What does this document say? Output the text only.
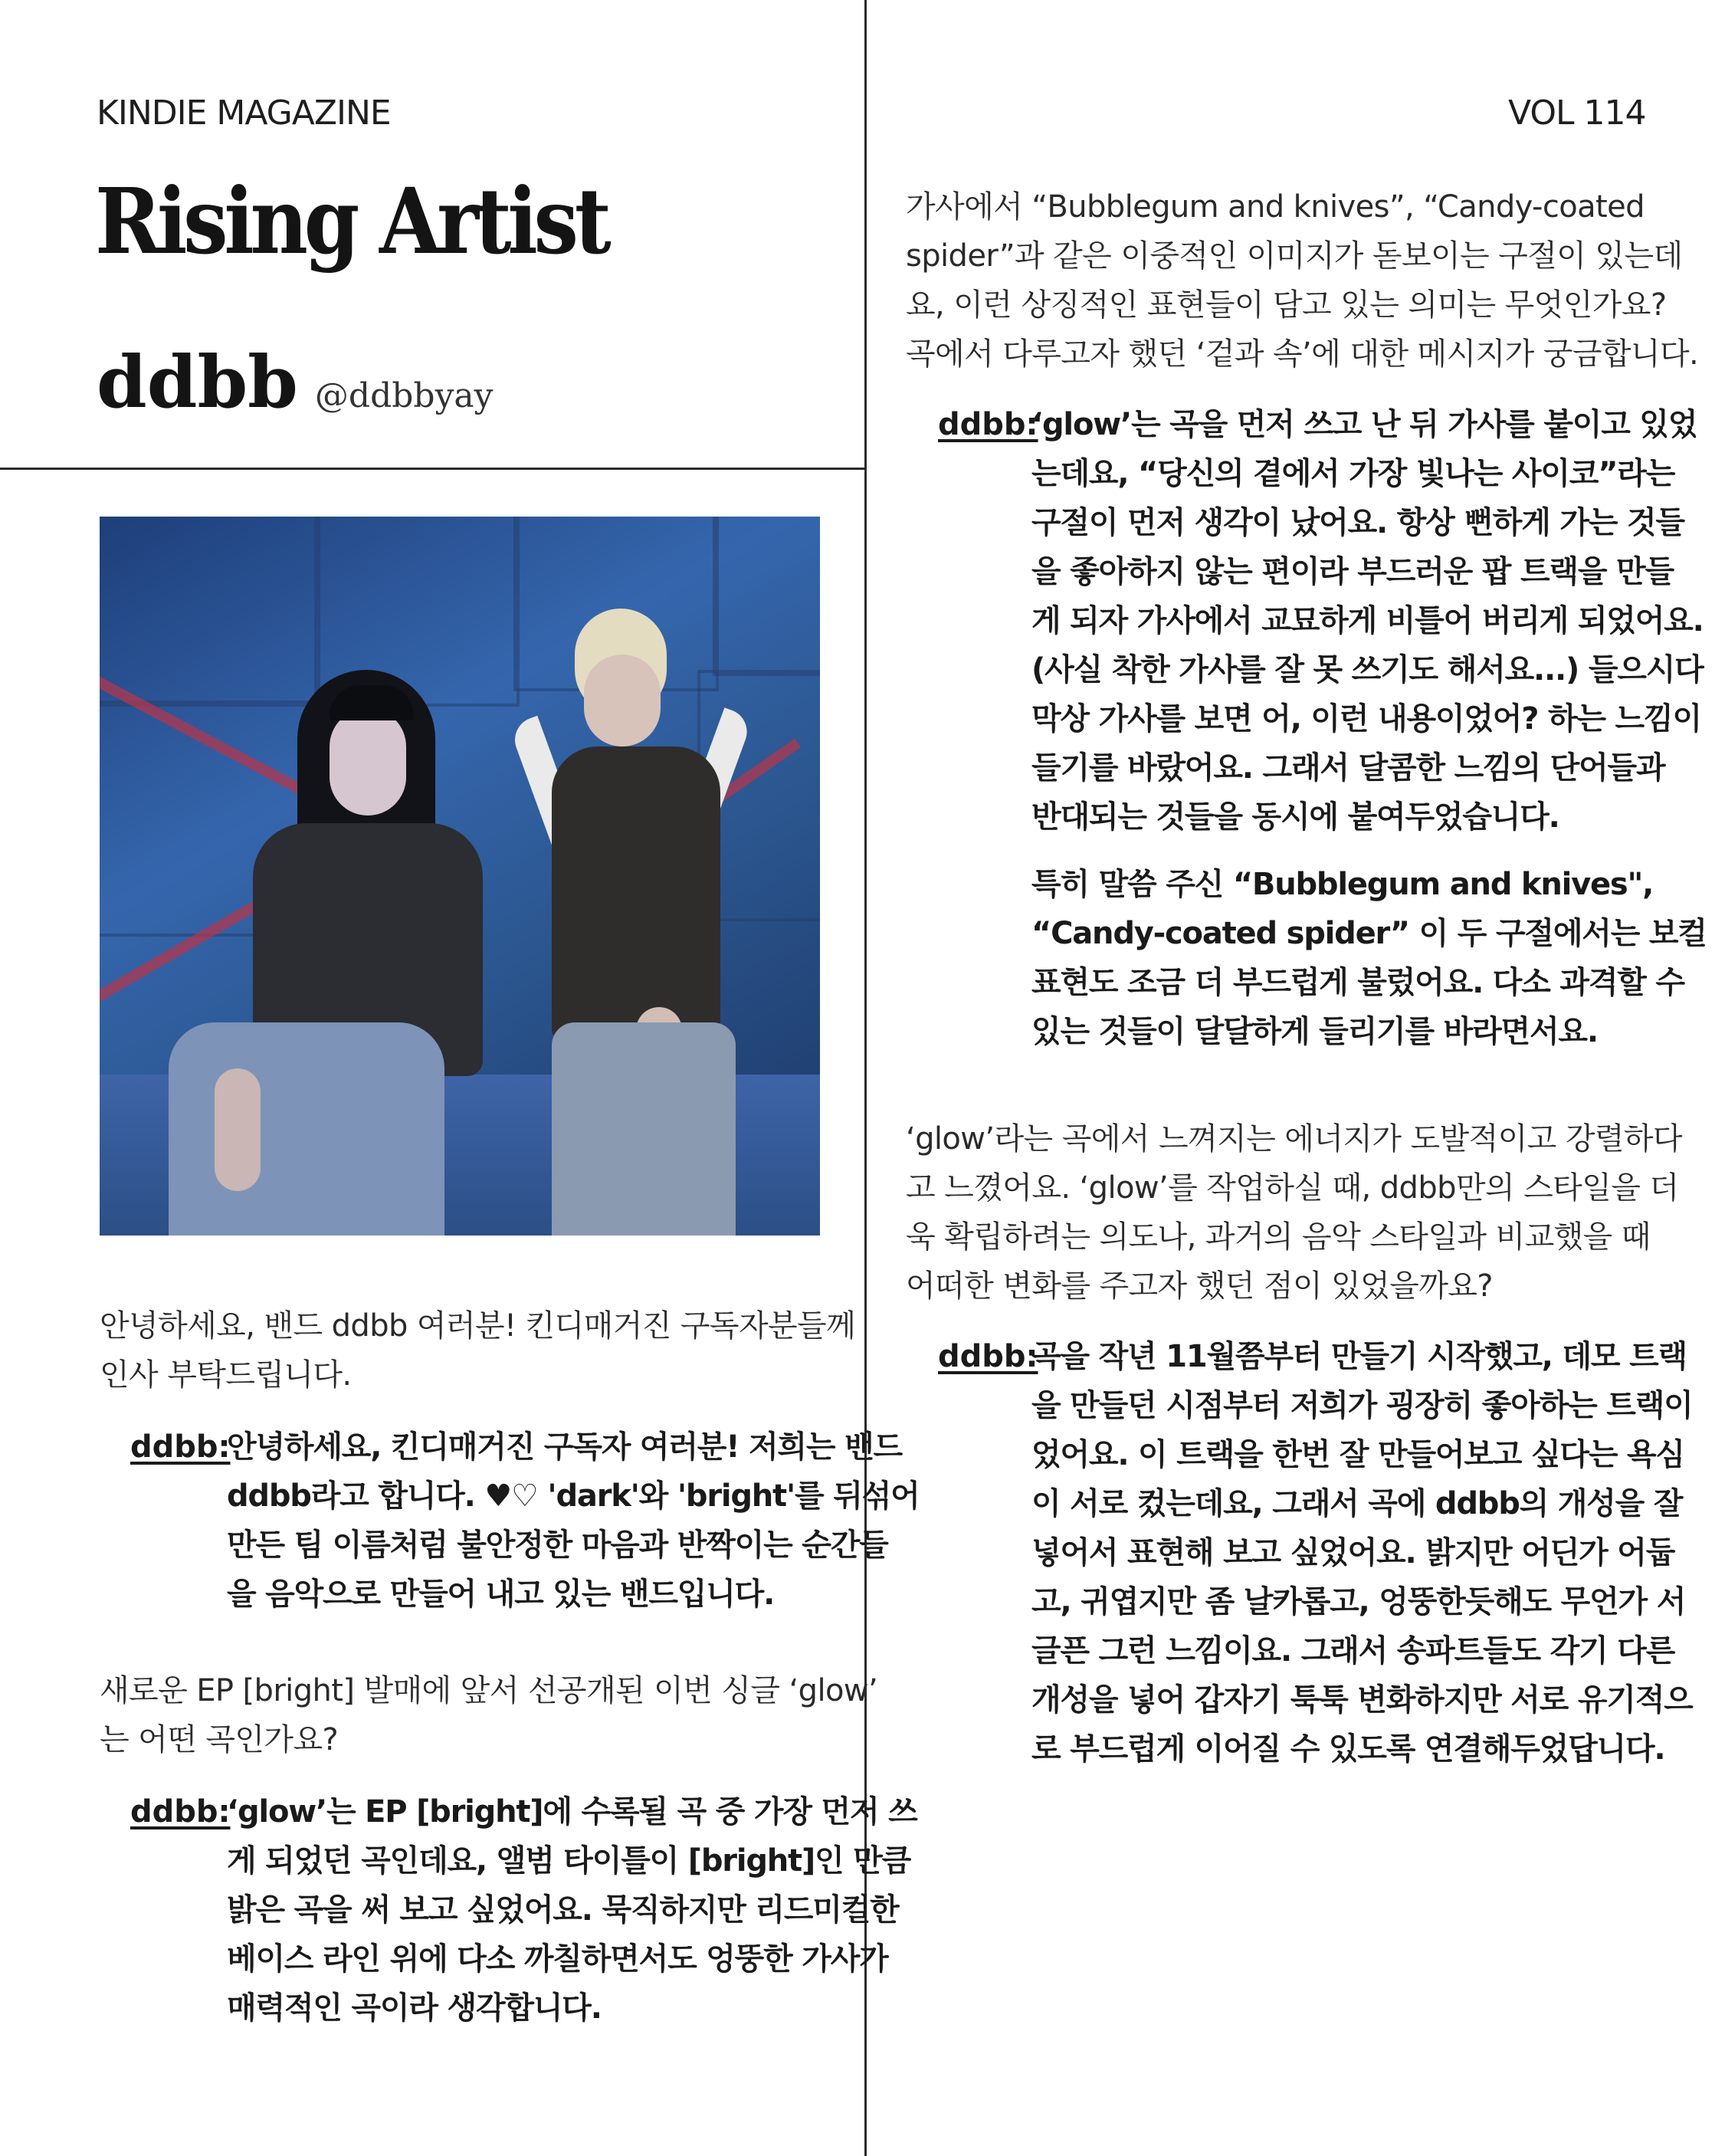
KINDIE MAGAZINE	VOL 114
Rising Artist
ddbb @ddbbyay
안녕하세요, 밴드 ddbb 여러분! 킨디매거진 구독자분들께
인사 부탁드립니다.
ddbb:
안녕하세요, 킨디매거진 구독자 여러분! 저희는 밴드
ddbb라고 합니다. ♥♡ 'dark'와 'bright'를 뒤섞어
만든 팀 이름처럼 불안정한 마음과 반짝이는 순간들
을 음악으로 만들어 내고 있는 밴드입니다.
새로운 EP [bright] 발매에 앞서 선공개된 이번 싱글 ‘glow’
는 어떤 곡인가요?
ddbb:
‘glow’는 EP [bright]에 수록될 곡 중 가장 먼저 쓰
게 되었던 곡인데요, 앨범 타이틀이 [bright]인 만큼
밝은 곡을 써 보고 싶었어요. 묵직하지만 리드미컬한
베이스 라인 위에 다소 까칠하면서도 엉뚱한 가사가
매력적인 곡이라 생각합니다.
가사에서 “Bubblegum and knives”, “Candy-coated
spider”과 같은 이중적인 이미지가 돋보이는 구절이 있는데
요, 이런 상징적인 표현들이 담고 있는 의미는 무엇인가요?
곡에서 다루고자 했던 ‘겉과 속’에 대한 메시지가 궁금합니다.
ddbb:
‘glow’는 곡을 먼저 쓰고 난 뒤 가사를 붙이고 있었
는데요, “당신의 곁에서 가장 빛나는 사이코”라는
구절이 먼저 생각이 났어요. 항상 뻔하게 가는 것들
을 좋아하지 않는 편이라 부드러운 팝 트랙을 만들
게 되자 가사에서 교묘하게 비틀어 버리게 되었어요.
(사실 착한 가사를 잘 못 쓰기도 해서요...) 들으시다
막상 가사를 보면 어, 이런 내용이었어? 하는 느낌이
들기를 바랐어요. 그래서 달콤한 느낌의 단어들과
반대되는 것들을 동시에 붙여두었습니다.
특히 말씀 주신 “Bubblegum and knives",
“Candy-coated spider” 이 두 구절에서는 보컬
표현도 조금 더 부드럽게 불렀어요. 다소 과격할 수
있는 것들이 달달하게 들리기를 바라면서요.
‘glow’라는 곡에서 느껴지는 에너지가 도발적이고 강렬하다
고 느꼈어요. ‘glow’를 작업하실 때, ddbb만의 스타일을 더
욱 확립하려는 의도나, 과거의 음악 스타일과 비교했을 때
어떠한 변화를 주고자 했던 점이 있었을까요?
ddbb:
곡을 작년 11월쯤부터 만들기 시작했고, 데모 트랙
을 만들던 시점부터 저희가 굉장히 좋아하는 트랙이
었어요. 이 트랙을 한번 잘 만들어보고 싶다는 욕심
이 서로 컸는데요, 그래서 곡에 ddbb의 개성을 잘
넣어서 표현해 보고 싶었어요. 밝지만 어딘가 어둡
고, 귀엽지만 좀 날카롭고, 엉뚱한듯해도 무언가 서
글픈 그런 느낌이요. 그래서 송파트들도 각기 다른
개성을 넣어 갑자기 툭툭 변화하지만 서로 유기적으
로 부드럽게 이어질 수 있도록 연결해두었답니다.
